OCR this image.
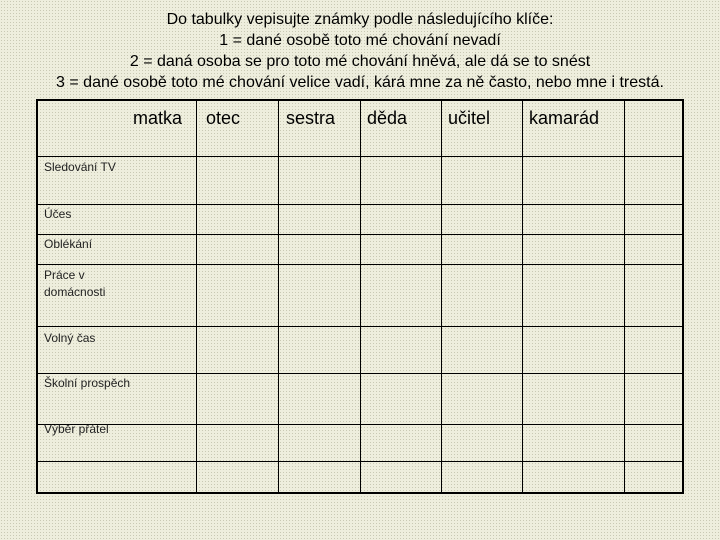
Do tabulky vepisujte známky podle následujícího klíče:
1 = dané osobě toto mé chování nevadí
2 = daná osoba se pro toto mé chování hněvá, ale dá se to snést
3 = dané osobě toto mé chování velice vadí, kárá mne za ně často, nebo mne i trestá.
matka otec	sestra děda učitel kamarád
Sledování TV
Účes
Oblékání
Práce v domácnosti
Volný čas
Školní prospěch
Výběr přátel
